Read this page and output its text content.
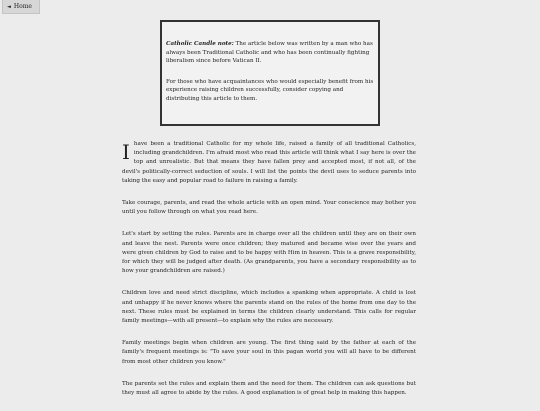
◄ Home

Catholic Candle note: The article below was written by a man who has always been Traditional Catholic and who has been continually fighting liberalism since before Vatican II.

For those who have acquaintances who would especially benefit from his experience raising children successfully, consider copying and distributing this article to them.

I have been a traditional Catholic for my whole life, raised a family of all traditional Catholics, including grandchildren. I'm afraid most who read this article will think what I say here is over the top and unrealistic. But that means they have fallen prey and accepted most, if not all, of the devil's politically-correct seduction of souls. I will list the points the devil uses to seduce parents into taking the easy and popular road to failure in raising a family.

Take courage, parents, and read the whole article with an open mind. Your conscience may bother you until you follow through on what you read here.

Let's start by setting the rules. Parents are in charge over all the children until they are on their own and leave the nest. Parents were once children; they matured and became wise over the years and were given children by God to raise and to be happy with Him in heaven. This is a grave responsibility, for which they will be judged after death. (As grandparents, you have a secondary responsibility as to how your grandchildren are raised.)

Children love and need strict discipline, which includes a spanking when appropriate. A child is lost and unhappy if he never knows where the parents stand on the rules of the home from one day to the next. These rules must be explained in terms the children clearly understand. This calls for regular family meetings—with all present—to explain why the rules are necessary.

Family meetings begin when children are young. The first thing said by the father at each of the family's frequent meetings is: "To save your soul in this pagan world you will all have to be different from most other children you know."

The parents set the rules and explain them and the need for them. The children can ask questions but they must all agree to abide by the rules. A good explanation is of great help in making this happen.
